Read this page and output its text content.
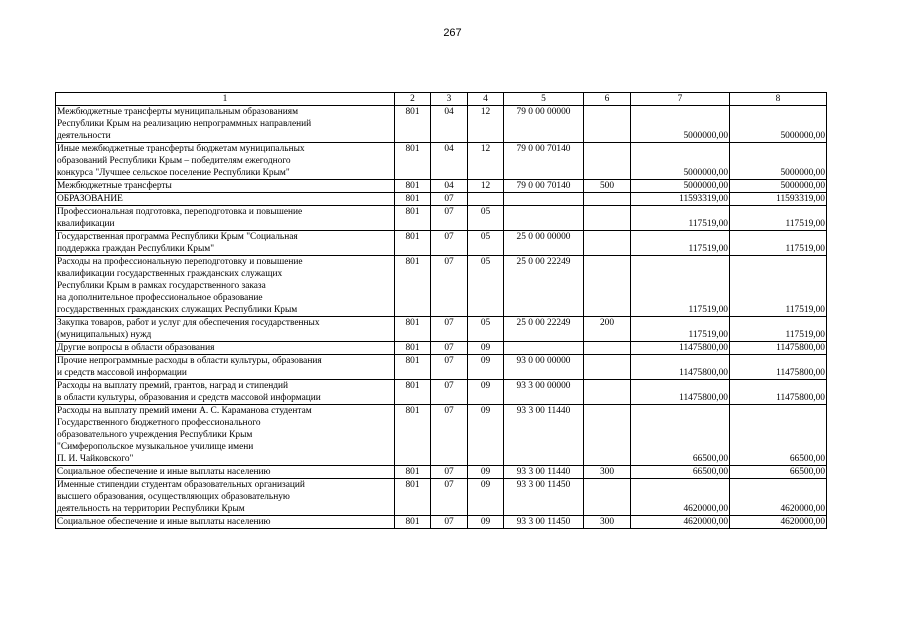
267
1	2	3	4	5	6	7	8

Межбюджетные трансферты муниципальным образованиям
Республики Крым на реализацию непрограммных направлений
деятельности	801	04	12	79 0 00 00000		5000000,00	5000000,00

Иные межбюджетные трансферты бюджетам муниципальных
образований Республики Крым – победителям ежегодного
конкурса "Лучшее сельское поселение Республики Крым"	801	04	12	79 0 00 70140		5000000,00	5000000,00

Межбюджетные трансферты	801	04	12	79 0 00 70140	500	5000000,00	5000000,00

ОБРАЗОВАНИЕ	801	07				11593319,00	11593319,00

Профессиональная подготовка, переподготовка и повышение
квалификации	801	07	05			117519,00	117519,00

Государственная программа Республики Крым "Социальная
поддержка граждан Республики Крым"	801	07	05	25 0 00 00000		117519,00	117519,00

Расходы на профессиональную переподготовку и повышение
квалификации государственных гражданских служащих
Республики Крым в рамках государственного заказа
на дополнительное профессиональное образование
государственных гражданских служащих Республики Крым	801	07	05	25 0 00 22249		117519,00	117519,00

Закупка товаров, работ и услуг для обеспечения государственных
(муниципальных) нужд	801	07	05	25 0 00 22249	200	117519,00	117519,00

Другие вопросы в области образования	801	07	09			11475800,00	11475800,00

Прочие непрограммные расходы в области культуры, образования
и средств массовой информации	801	07	09	93 0 00 00000		11475800,00	11475800,00

Расходы на выплату премий, грантов, наград и стипендий
в области культуры, образования и средств массовой информации	801	07	09	93 3 00 00000		11475800,00	11475800,00

Расходы на выплату премий имени А. С. Караманова студентам
Государственного бюджетного профессионального
образовательного учреждения Республики Крым
"Симферопольское музыкальное училище имени
П. И. Чайковского"	801	07	09	93 3 00 11440		66500,00	66500,00

Социальное обеспечение и иные выплаты населению	801	07	09	93 3 00 11440	300	66500,00	66500,00

Именные стипендии студентам образовательных организаций
высшего образования, осуществляющих образовательную
деятельность на территории Республики Крым	801	07	09	93 3 00 11450		4620000,00	4620000,00

Социальное обеспечение и иные выплаты населению	801	07	09	93 3 00 11450	300	4620000,00	4620000,00
